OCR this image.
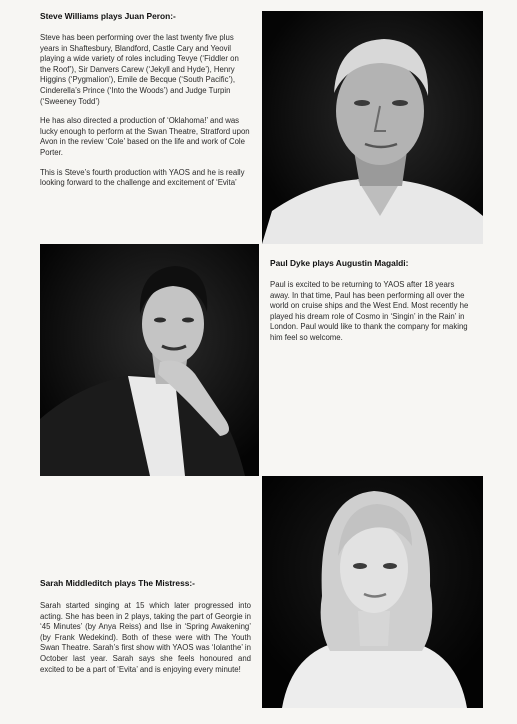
Steve Williams plays Juan Peron:-

Steve has been performing over the last twenty five plus years in Shaftesbury, Blandford, Castle Cary and Yeovil playing a wide variety of roles including Tevye (‘Fiddler on the Roof’), Sir Danvers Carew (‘Jekyll and Hyde’), Henry Higgins (‘Pygmalion’), Emile de Becque (‘South Pacific’), Cinderella’s Prince (‘Into the Woods’) and Judge Turpin (‘Sweeney Todd’)

He has also directed a production of ‘Oklahoma!’ and was lucky enough to perform at the Swan Theatre, Stratford upon Avon in the review ‘Cole’ based on the life and work of Cole Porter.

This is Steve’s fourth production with YAOS and he is really looking forward to the challenge and excitement of ‘Evita’

Paul Dyke plays Augustin Magaldi:

Paul is excited to be returning to YAOS after 18 years away. In that time, Paul has been performing all over the world on cruise ships and the West End. Most recently he played his dream role of Cosmo in ‘Singin’ in the Rain’ in London. Paul would like to thank the company for making him feel so welcome.

Sarah Middleditch plays The Mistress:-

Sarah started singing at 15 which later progressed into acting. She has been in 2 plays, taking the part of Georgie in ‘45 Minutes’ (by Anya Reiss) and Ilse in ‘Spring Awakening’ (by Frank Wedekind). Both of these were with The Youth Swan Theatre. Sarah’s first show with YAOS was ‘Iolanthe’ in October last year. Sarah says she feels honoured and excited to be a part of ‘Evita’ and is enjoying every minute!
